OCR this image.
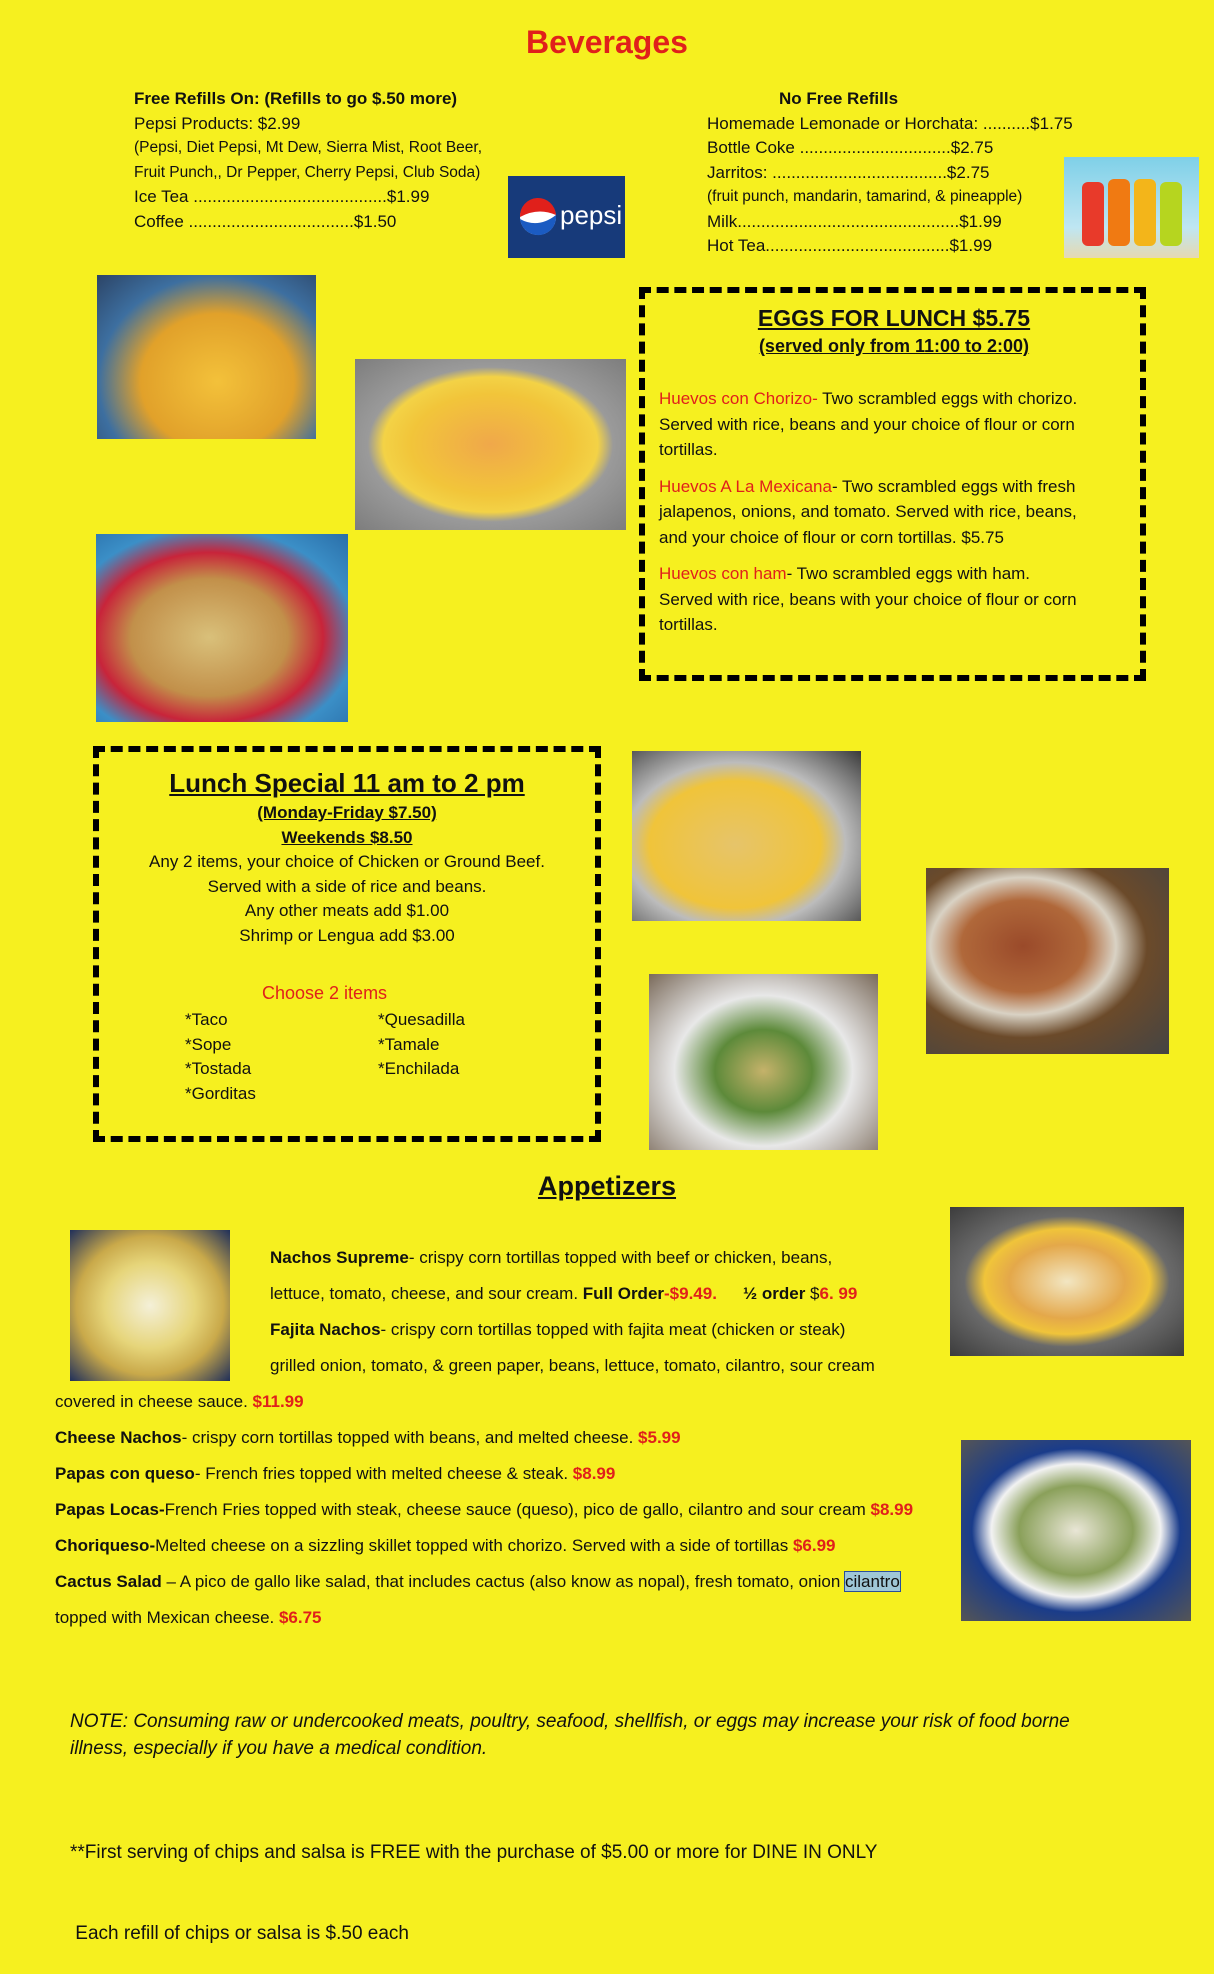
Beverages
Free Refills On: (Refills to go $.50 more)
Pepsi Products: $2.99
(Pepsi, Diet Pepsi, Mt Dew, Sierra Mist, Root Beer,
Fruit Punch,, Dr Pepper, Cherry Pepsi, Club Soda)
Ice Tea .........................................$1.99
Coffee ...................................$1.50	pepsi
No Free Refills
Homemade Lemonade or Horchata: ..........$1.75
Bottle Coke ................................$2.75
Jarritos: .....................................$2.75
(fruit punch, mandarin, tamarind, & pineapple)
Milk...............................................$1.99
Hot Tea.......................................$1.99
EGGS FOR LUNCH $5.75
(served only from 11:00 to 2:00)
Huevos con Chorizo- Two scrambled eggs with chorizo.
Served with rice, beans and your choice of flour or corn
tortillas.
Huevos A La Mexicana- Two scrambled eggs with fresh
jalapenos, onions, and tomato. Served with rice, beans,
and your choice of flour or corn tortillas. $5.75
Huevos con ham- Two scrambled eggs with ham.
Served with rice, beans with your choice of flour or corn
tortillas.
Lunch Special 11 am to 2 pm
(Monday-Friday $7.50)
Weekends $8.50
Any 2 items, your choice of Chicken or Ground Beef.
Served with a side of rice and beans.
Any other meats add $1.00
Shrimp or Lengua add $3.00
Choose 2 items
*Taco
*Sope
*Tostada
*Gorditas
*Quesadilla
*Tamale
*Enchilada
Appetizers
Nachos Supreme- crispy corn tortillas topped with beef or chicken, beans,
lettuce, tomato, cheese, and sour cream. Full Order-$9.49. ½ order $6. 99
Fajita Nachos- crispy corn tortillas topped with fajita meat (chicken or steak)
grilled onion, tomato, & green paper, beans, lettuce, tomato, cilantro, sour cream
covered in cheese sauce. $11.99
Cheese Nachos- crispy corn tortillas topped with beans, and melted cheese. $5.99
Papas con queso- French fries topped with melted cheese & steak. $8.99
Papas Locas-French Fries topped with steak, cheese sauce (queso), pico de gallo, cilantro and sour cream $8.99
Choriqueso-Melted cheese on a sizzling skillet topped with chorizo. Served with a side of tortillas $6.99
Cactus Salad – A pico de gallo like salad, that includes cactus (also know as nopal), fresh tomato, onion cilantro
topped with Mexican cheese. $6.75
NOTE: Consuming raw or undercooked meats, poultry, seafood, shellfish, or eggs may increase your risk of food borne
illness, especially if you have a medical condition.

**First serving of chips and salsa is FREE with the purchase of $5.00 or more for DINE IN ONLY

Each refill of chips or salsa is $.50 each
